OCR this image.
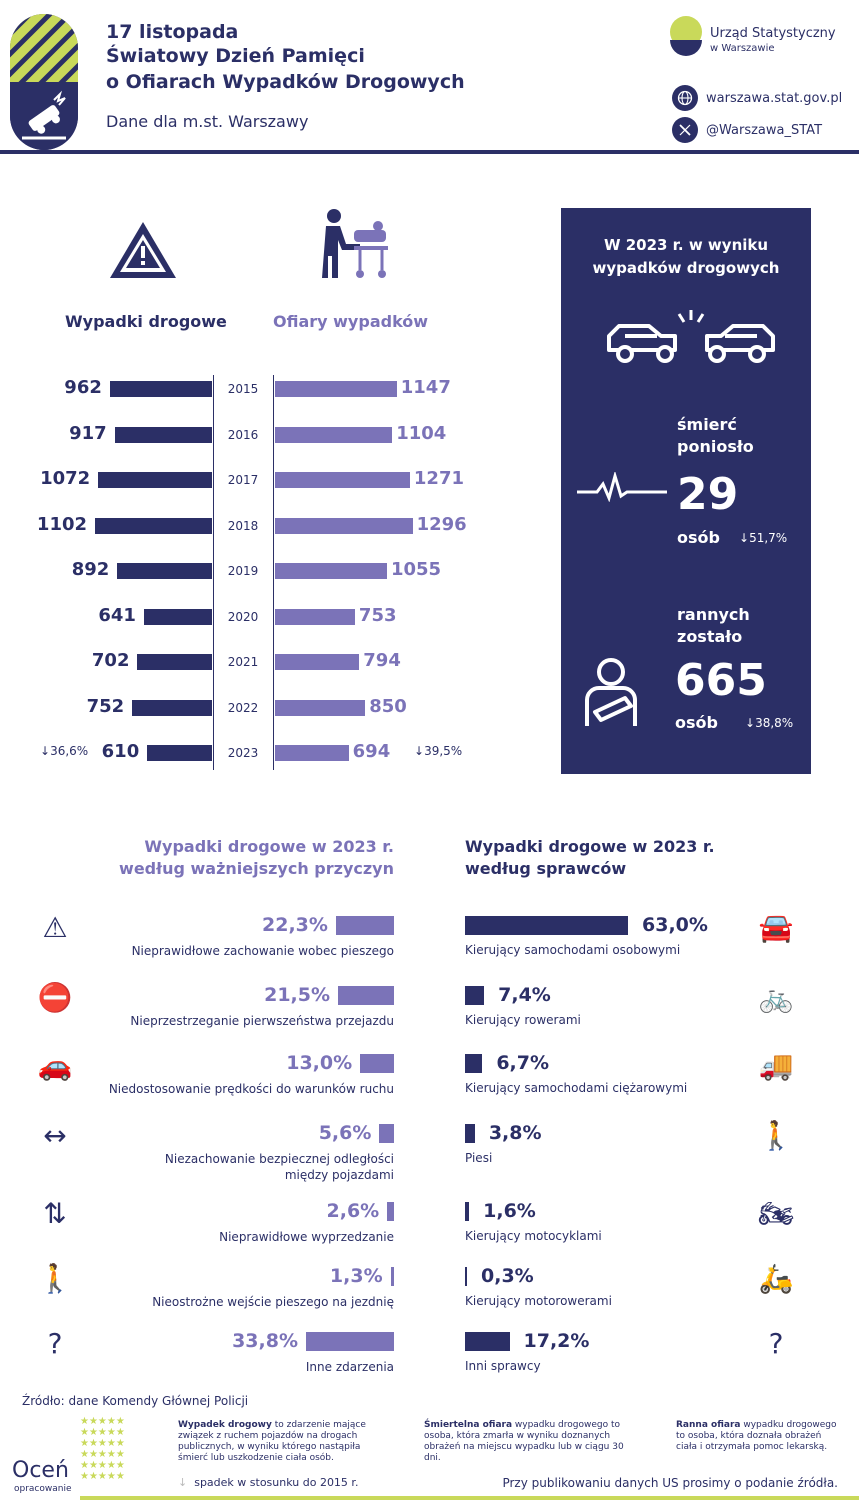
17 listopada
Światowy Dzień Pamięci
o Ofiarach Wypadków Drogowych
Dane dla m.st. Warszawy
Urząd Statystyczny
w Warszawie
warszawa.stat.gov.pl
@Warszawa_STAT
Wypadki drogowe	Ofiary wypadków
2015
962	1147
2016
917	1104
2017
1072	1271
2018
1102	1296
2019
892	1055
2020
641	753
2021
702	794
2022
752	850
2023
610	694
↓36,6%	↓39,5%
W 2023 r. w wyniku
wypadków drogowych
śmierć
poniosło
29
osób ↓51,7%
rannych
zostało
665
osób ↓38,8%
Wypadki drogowe w 2023 r.
według ważniejszych przyczyn
22,3%
Nieprawidłowe zachowanie wobec pieszego
⚠
21,5%
Nieprzestrzeganie pierwszeństwa przejazdu
⛔
13,0%
Niedostosowanie prędkości do warunków ruchu
🚗
5,6%
Niezachowanie bezpiecznej odległości
między pojazdami
↔
2,6%
Nieprawidłowe wyprzedzanie
⇅
1,3%
Nieostrożne wejście pieszego na jezdnię
🚶
33,8%
Inne zdarzenia
?
Wypadki drogowe w 2023 r.
według sprawców
63,0%
Kierujący samochodami osobowymi
🚘
7,4%
Kierujący rowerami
🚲
6,7%
Kierujący samochodami ciężarowymi
🚚
3,8%
Piesi
🚶
1,6%
Kierujący motocyklami
🏍
0,3%
Kierujący motorowerami
🛵
17,2%
Inni sprawcy
?
Źródło: dane Komendy Głównej Policji
★★★★★
★★★★★
★★★★★
★★★★★
★★★★★
★★★★★
Oceń
opracowanie
Wypadek drogowy to zdarzenie mające związek z ruchem pojazdów na drogach publicznych, w wyniku którego nastąpiła śmierć lub uszkodzenie ciała osób.
Śmiertelna ofiara wypadku drogowego to osoba, która zmarła w wyniku doznanych obrażeń na miejscu wypadku lub w ciągu 30 dni.
Ranna ofiara wypadku drogowego to osoba, która doznała obrażeń ciała i otrzymała pomoc lekarską.
↓ spadek w stosunku do 2015 r.	Przy publikowaniu danych US prosimy o podanie źródła.
